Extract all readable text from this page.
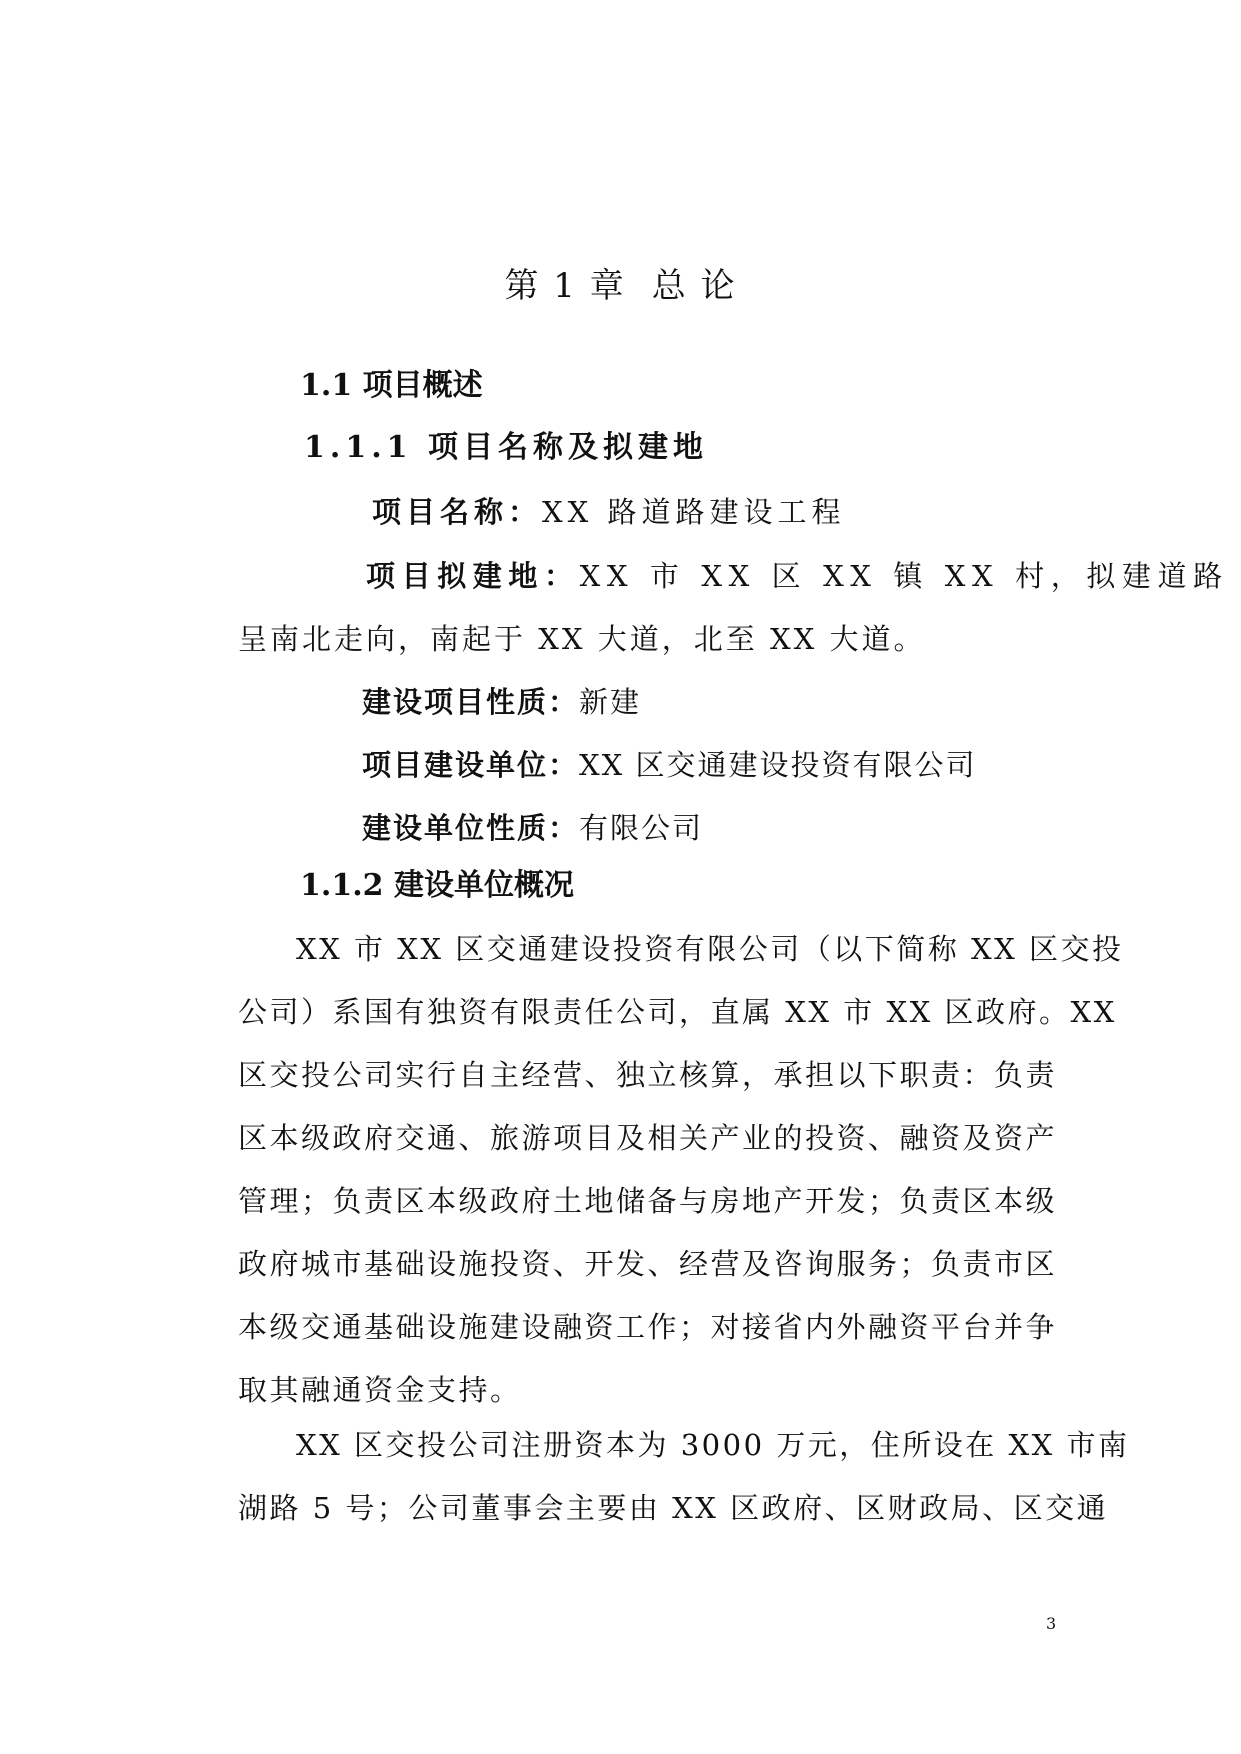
第 1 章 总 论
1.1 项目概述
1.1.1 项目名称及拟建地
项目名称：XX 路道路建设工程
项目拟建地：XX 市 XX 区 XX 镇 XX 村，拟建道路
呈南北走向，南起于 XX 大道，北至 XX 大道。
建设项目性质：新建
项目建设单位：XX 区交通建设投资有限公司
建设单位性质：有限公司
1.1.2 建设单位概况
XX 市 XX 区交通建设投资有限公司（以下简称 XX 区交投
公司）系国有独资有限责任公司，直属 XX 市 XX 区政府。XX
区交投公司实行自主经营、独立核算，承担以下职责：负责
区本级政府交通、旅游项目及相关产业的投资、融资及资产
管理；负责区本级政府土地储备与房地产开发；负责区本级
政府城市基础设施投资、开发、经营及咨询服务；负责市区
本级交通基础设施建设融资工作；对接省内外融资平台并争
取其融通资金支持。
XX 区交投公司注册资本为 3000 万元，住所设在 XX 市南
湖路 5 号；公司董事会主要由 XX 区政府、区财政局、区交通
3
